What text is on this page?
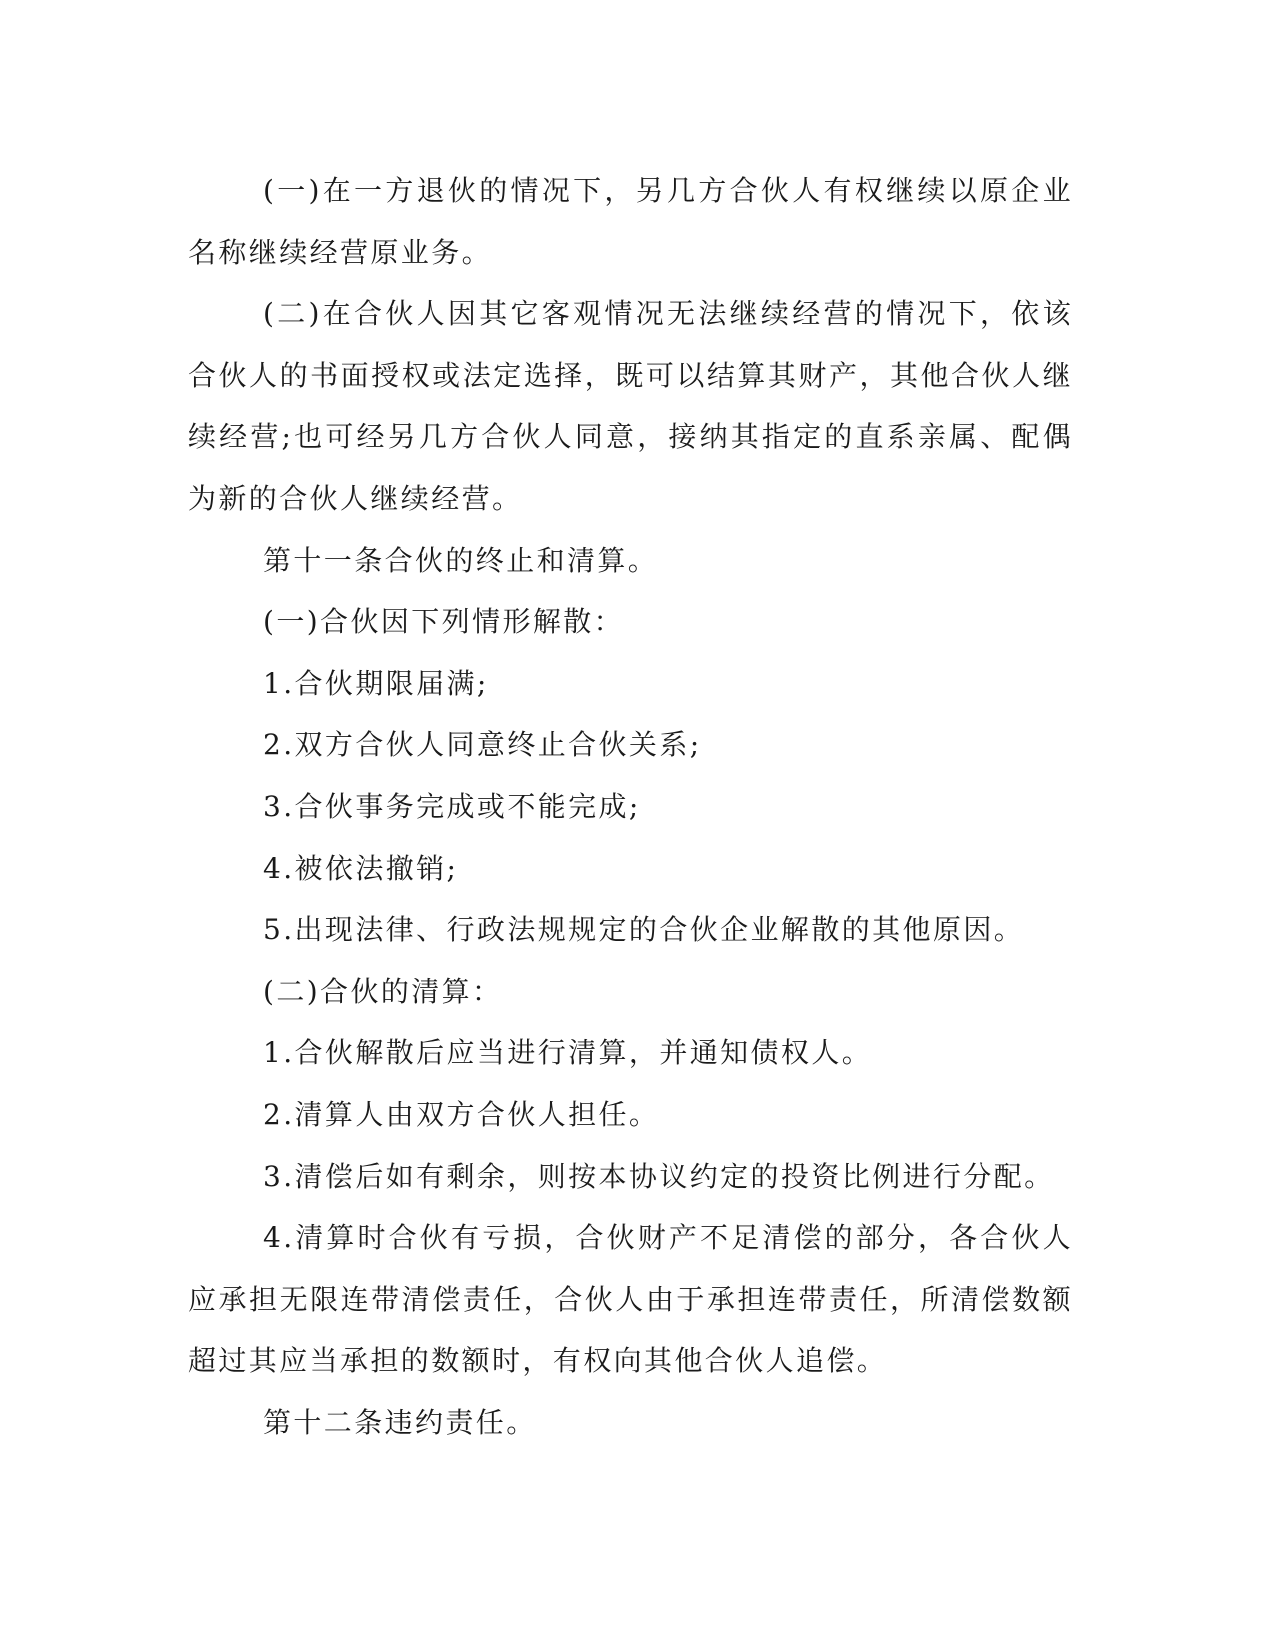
(一)在一方退伙的情况下，另几方合伙人有权继续以原企业名称继续经营原业务。

(二)在合伙人因其它客观情况无法继续经营的情况下，依该合伙人的书面授权或法定选择，既可以结算其财产，其他合伙人继续经营;也可经另几方合伙人同意，接纳其指定的直系亲属、配偶为新的合伙人继续经营。

第十一条合伙的终止和清算。

(一)合伙因下列情形解散：

1.合伙期限届满;

2.双方合伙人同意终止合伙关系;

3.合伙事务完成或不能完成;

4.被依法撤销;

5.出现法律、行政法规规定的合伙企业解散的其他原因。

(二)合伙的清算：

1.合伙解散后应当进行清算，并通知债权人。

2.清算人由双方合伙人担任。

3.清偿后如有剩余，则按本协议约定的投资比例进行分配。

4.清算时合伙有亏损，合伙财产不足清偿的部分，各合伙人应承担无限连带清偿责任，合伙人由于承担连带责任，所清偿数额超过其应当承担的数额时，有权向其他合伙人追偿。

第十二条违约责任。
